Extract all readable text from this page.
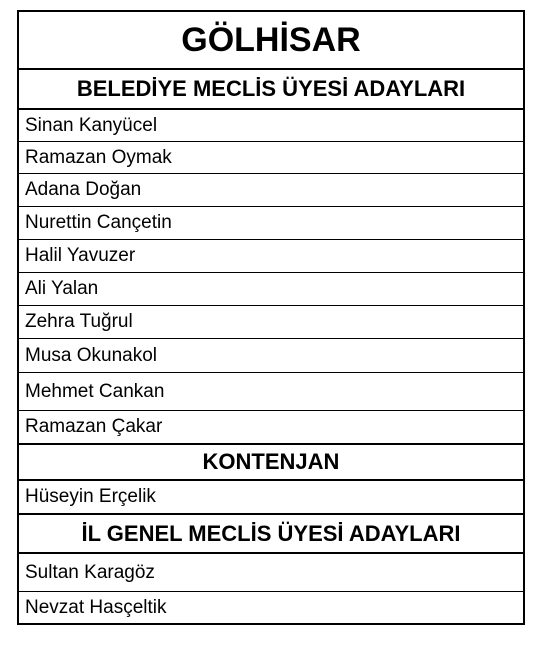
GÖLHİSAR
BELEDİYE MECLİS ÜYESİ ADAYLARI
Sinan Kanyücel
Ramazan Oymak
Adana Doğan
Nurettin Cançetin
Halil Yavuzer
Ali Yalan
Zehra Tuğrul
Musa Okunakol
Mehmet Cankan
Ramazan Çakar
KONTENJAN
Hüseyin Erçelik
İL GENEL MECLİS ÜYESİ ADAYLARI
Sultan Karagöz
Nevzat Hasçeltik
